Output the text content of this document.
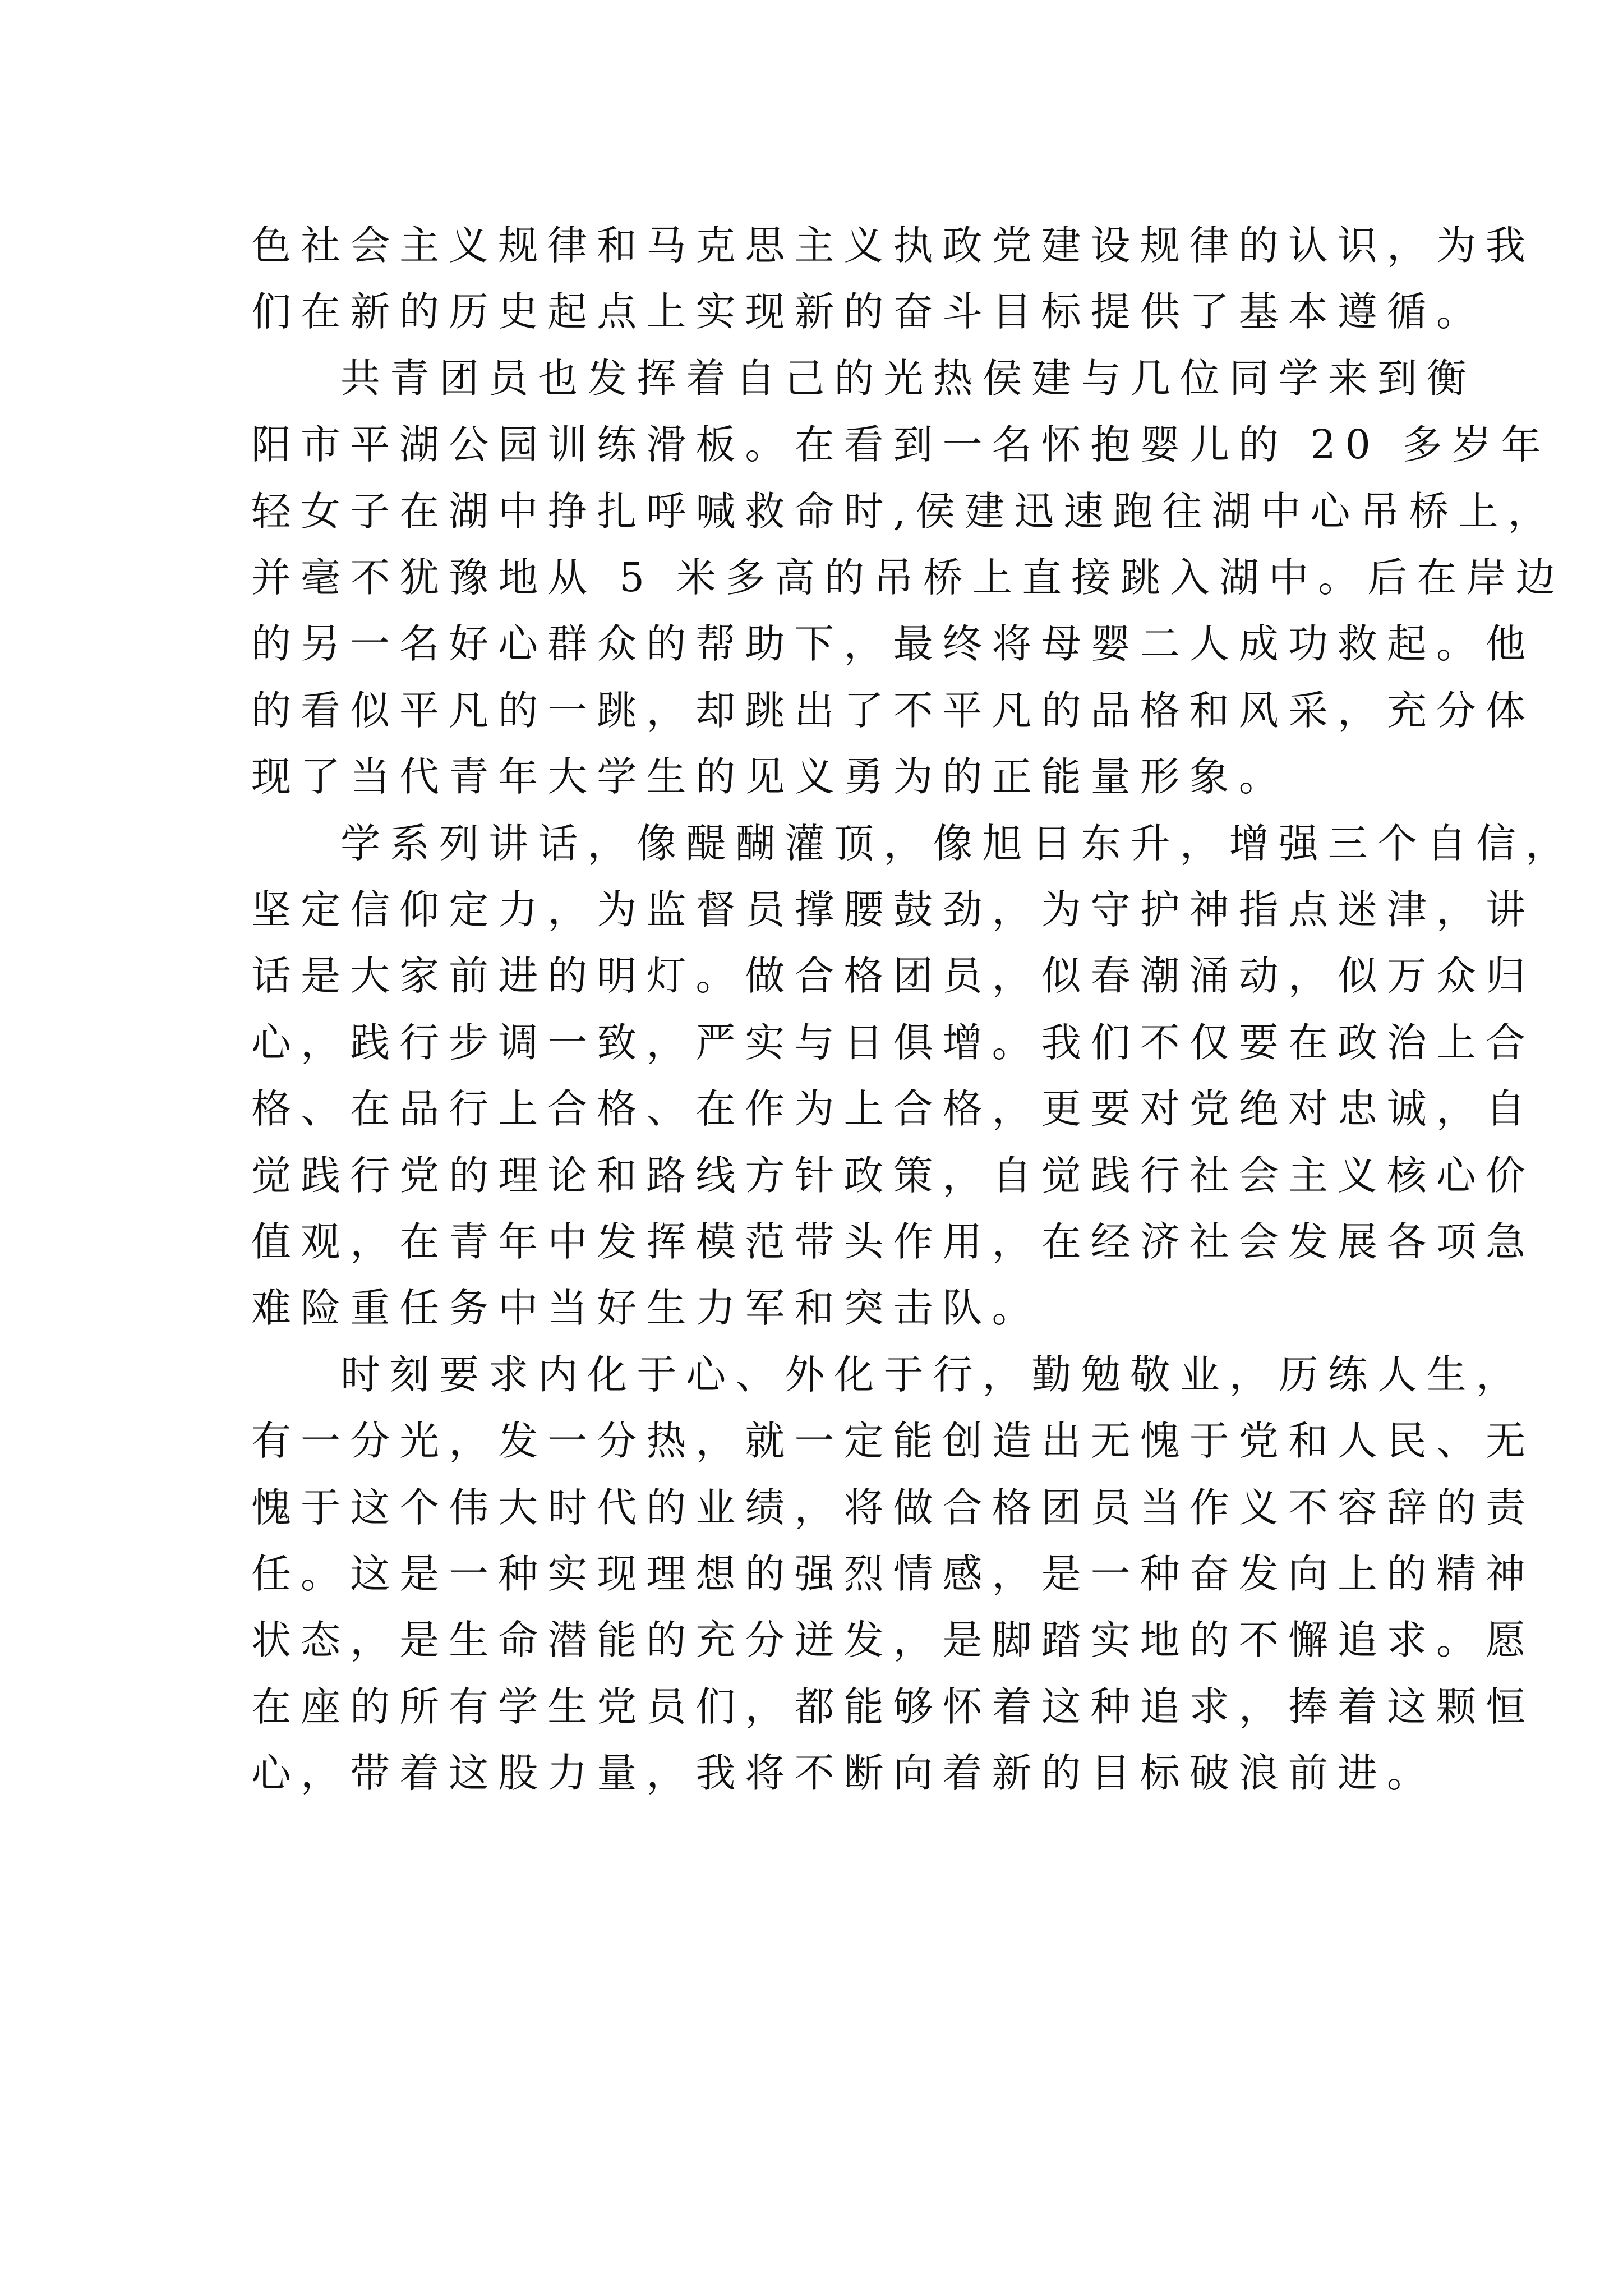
色社会主义规律和马克思主义执政党建设规律的认识，为我

们在新的历史起点上实现新的奋斗目标提供了基本遵循。

共青团员也发挥着自己的光热侯建与几位同学来到衡

阳市平湖公园训练滑板。在看到一名怀抱婴儿的 20 多岁年

轻女子在湖中挣扎呼喊救命时,侯建迅速跑往湖中心吊桥上，

并毫不犹豫地从 5 米多高的吊桥上直接跳入湖中。后在岸边

的另一名好心群众的帮助下，最终将母婴二人成功救起。他

的看似平凡的一跳，却跳出了不平凡的品格和风采，充分体

现了当代青年大学生的见义勇为的正能量形象。

学系列讲话，像醍醐灌顶，像旭日东升，增强三个自信，

坚定信仰定力，为监督员撑腰鼓劲，为守护神指点迷津，讲

话是大家前进的明灯。做合格团员，似春潮涌动，似万众归

心，践行步调一致，严实与日俱增。我们不仅要在政治上合

格、在品行上合格、在作为上合格，更要对党绝对忠诚，自

觉践行党的理论和路线方针政策，自觉践行社会主义核心价

值观，在青年中发挥模范带头作用，在经济社会发展各项急

难险重任务中当好生力军和突击队。

时刻要求内化于心、外化于行，勤勉敬业，历练人生，

有一分光，发一分热，就一定能创造出无愧于党和人民、无

愧于这个伟大时代的业绩，将做合格团员当作义不容辞的责

任。这是一种实现理想的强烈情感，是一种奋发向上的精神

状态，是生命潜能的充分迸发，是脚踏实地的不懈追求。愿

在座的所有学生党员们，都能够怀着这种追求，捧着这颗恒

心，带着这股力量，我将不断向着新的目标破浪前进。
